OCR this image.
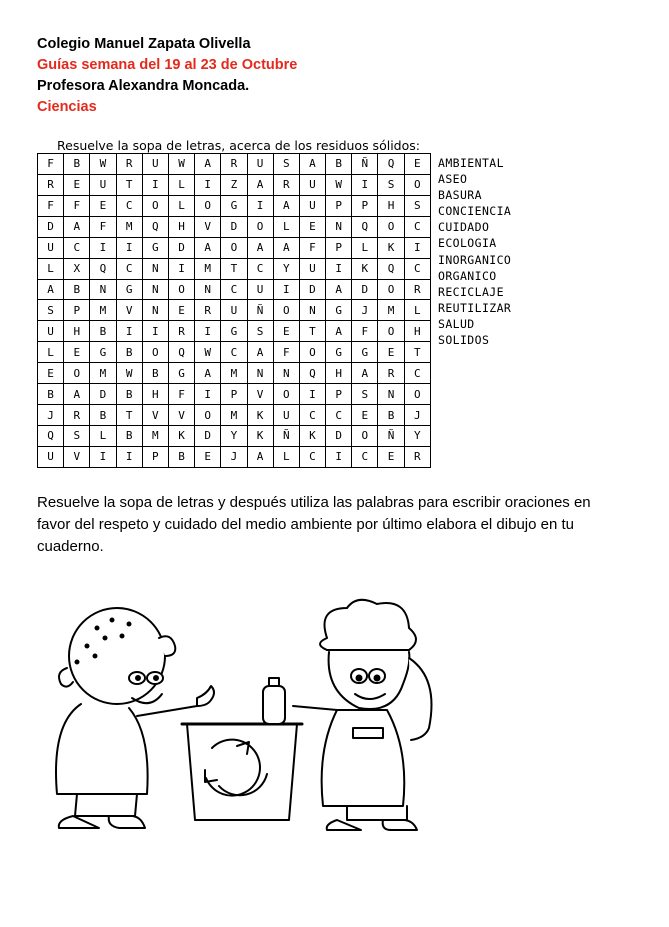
Colegio Manuel Zapata Olivella
Guías semana del 19 al 23 de Octubre
Profesora Alexandra Moncada.
Ciencias
Resuelve la sopa de letras, acerca de los residuos sólidos:
F	B	W	R	U	W	A	R	U	S	A	B	Ñ	Q	E
R	E	U	T	I	L	I	Z	A	R	U	W	I	S	O
F	F	E	C	O	L	O	G	I	A	U	P	P	H	S
D	A	F	M	Q	H	V	D	O	L	E	N	Q	O	C
U	C	I	I	G	D	A	O	A	A	F	P	L	K	I
L	X	Q	C	N	I	M	T	C	Y	U	I	K	Q	C
A	B	N	G	N	O	N	C	U	I	D	A	D	O	R
S	P	M	V	N	E	R	U	Ñ	O	N	G	J	M	L
U	H	B	I	I	R	I	G	S	E	T	A	F	O	H
L	E	G	B	O	Q	W	C	A	F	O	G	G	E	T
E	O	M	W	B	G	A	M	N	N	Q	H	A	R	C
B	A	D	B	H	F	I	P	V	O	I	P	S	N	O
J	R	B	T	V	V	O	M	K	U	C	C	E	B	J
Q	S	L	B	M	K	D	Y	K	Ñ	K	D	O	Ñ	Y
U	V	I	I	P	B	E	J	A	L	C	I	C	E	R
AMBIENTAL
ASEO
BASURA
CONCIENCIA
CUIDADO
ECOLOGIA
INORGANICO
ORGANICO
RECICLAJE
REUTILIZAR
SALUD
SOLIDOS
Resuelve la sopa de letras y después utiliza las palabras para escribir oraciones en favor del respeto y cuidado del medio ambiente por último elabora el dibujo en tu cuaderno.
